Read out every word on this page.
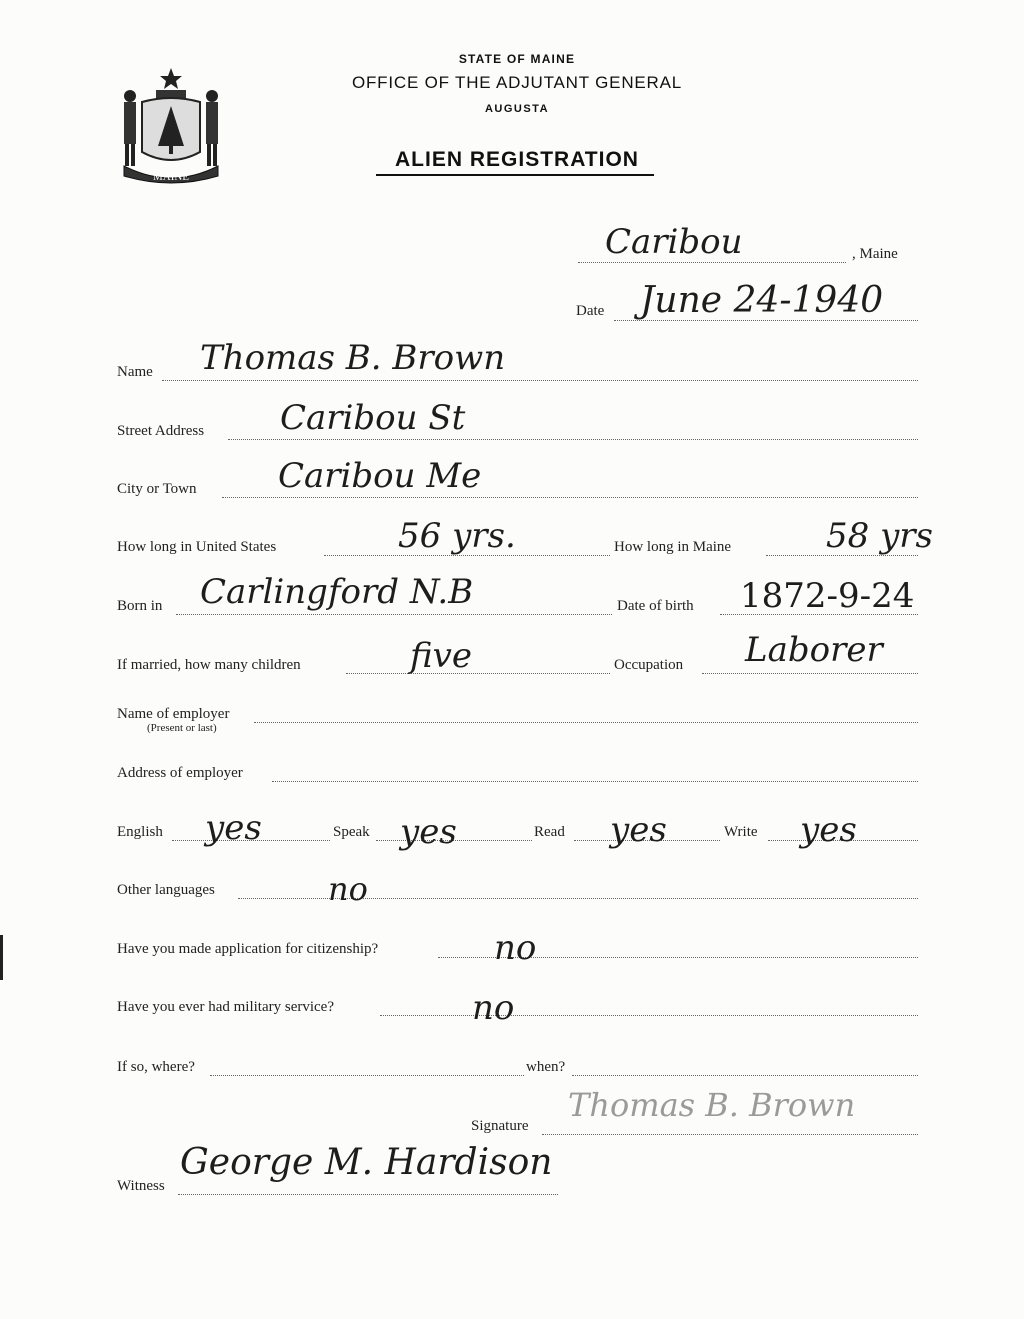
MAINE
STATE OF MAINE
OFFICE OF THE ADJUTANT GENERAL
AUGUSTA
ALIEN REGISTRATION
Caribou	, Maine
Date June 24-1940
Name Thomas B. Brown
Street Address Caribou St
City or Town Caribou Me
How long in United States	56 yrs.	How long in Maine	58 yrs
Born in Carlingford N.B	Date of birth 1872-9-24
If married, how many children	five	Occupation Laborer
Name of employer
(Present or last)
Address of employer
English yes	Speak yes	Read yes	Write yes
Other languages	no
Have you made application for citizenship?	no
Have you ever had military service?	no
If so, where?	when?
Signature
Thomas B. Brown
Witness
George M. Hardison
